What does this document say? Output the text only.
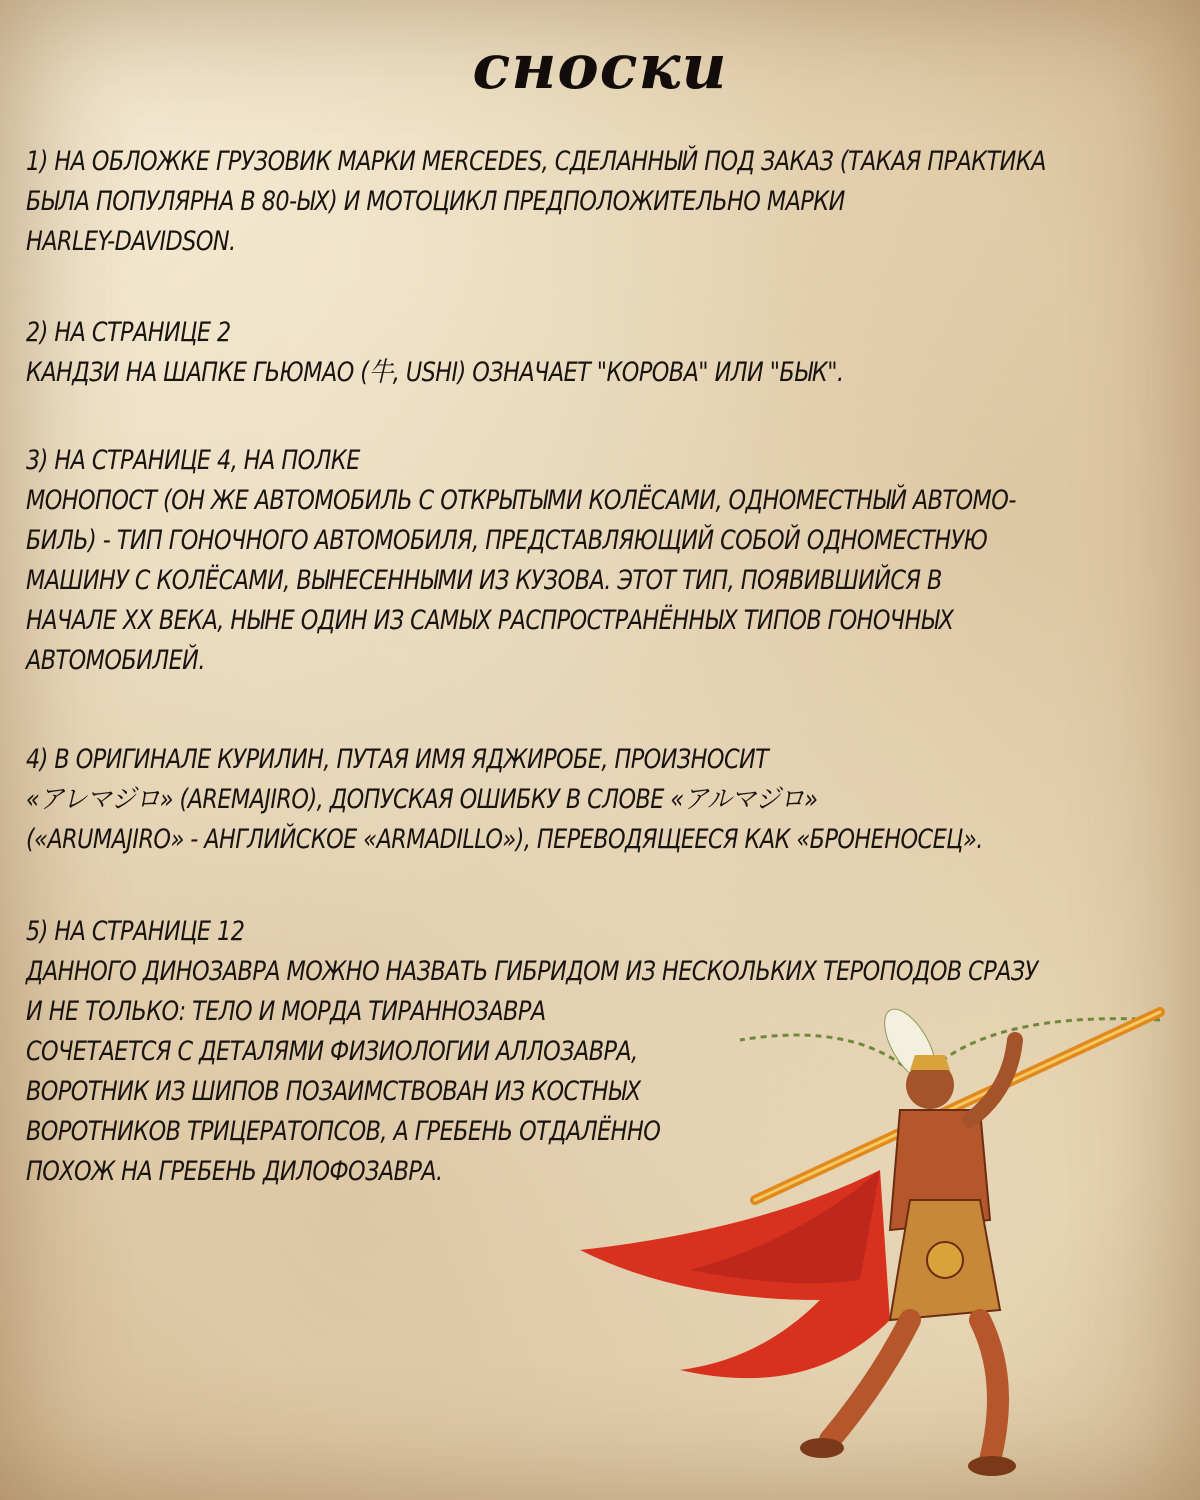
сноски
1) НА ОБЛОЖКЕ ГРУЗОВИК МАРКИ MERCEDES, СДЕЛАННЫЙ ПОД ЗАКАЗ (ТАКАЯ ПРАКТИКА
БЫЛА ПОПУЛЯРНА В 80-ЫХ) И МОТОЦИКЛ ПРЕДПОЛОЖИТЕЛЬНО МАРКИ
HARLEY-DAVIDSON.
2) НА СТРАНИЦЕ 2
КАНДЗИ НА ШАПКЕ ГЬЮМАО (牛, USHI) ОЗНАЧАЕТ "КОРОВА" ИЛИ "БЫК".
3) НА СТРАНИЦЕ 4, НА ПОЛКЕ
МОНОПОСТ (ОН ЖЕ АВТОМОБИЛЬ С ОТКРЫТЫМИ КОЛЁСАМИ, ОДНОМЕСТНЫЙ АВТОМО-
БИЛЬ) - ТИП ГОНОЧНОГО АВТОМОБИЛЯ, ПРЕДСТАВЛЯЮЩИЙ СОБОЙ ОДНОМЕСТНУЮ
МАШИНУ С КОЛЁСАМИ, ВЫНЕСЕННЫМИ ИЗ КУЗОВА. ЭТОТ ТИП, ПОЯВИВШИЙСЯ В
НАЧАЛЕ XX ВЕКА, НЫНЕ ОДИН ИЗ САМЫХ РАСПРОСТРАНЁННЫХ ТИПОВ ГОНОЧНЫХ
АВТОМОБИЛЕЙ.
4) В ОРИГИНАЛЕ КУРИЛИН, ПУТАЯ ИМЯ ЯДЖИРОБЕ, ПРОИЗНОСИТ
«アレマジロ» (AREMAJIRO), ДОПУСКАЯ ОШИБКУ В СЛОВЕ «アルマジロ»
(«ARUMAJIRO» - АНГЛИЙСКОЕ «ARMADILLO»), ПЕРЕВОДЯЩЕЕСЯ КАК «БРОНЕНОСЕЦ».
5) НА СТРАНИЦЕ 12
ДАННОГО ДИНОЗАВРА МОЖНО НАЗВАТЬ ГИБРИДОМ ИЗ НЕСКОЛЬКИХ ТЕРОПОДОВ СРАЗУ
И НЕ ТОЛЬКО: ТЕЛО И МОРДА ТИРАННОЗАВРА
СОЧЕТАЕТСЯ С ДЕТАЛЯМИ ФИЗИОЛОГИИ АЛЛОЗАВРА,
ВОРОТНИК ИЗ ШИПОВ ПОЗАИМСТВОВАН ИЗ КОСТНЫХ
ВОРОТНИКОВ ТРИЦЕРАТОПСОВ, А ГРЕБЕНЬ ОТДАЛЁННО
ПОХОЖ НА ГРЕБЕНЬ ДИЛОФОЗАВРА.
